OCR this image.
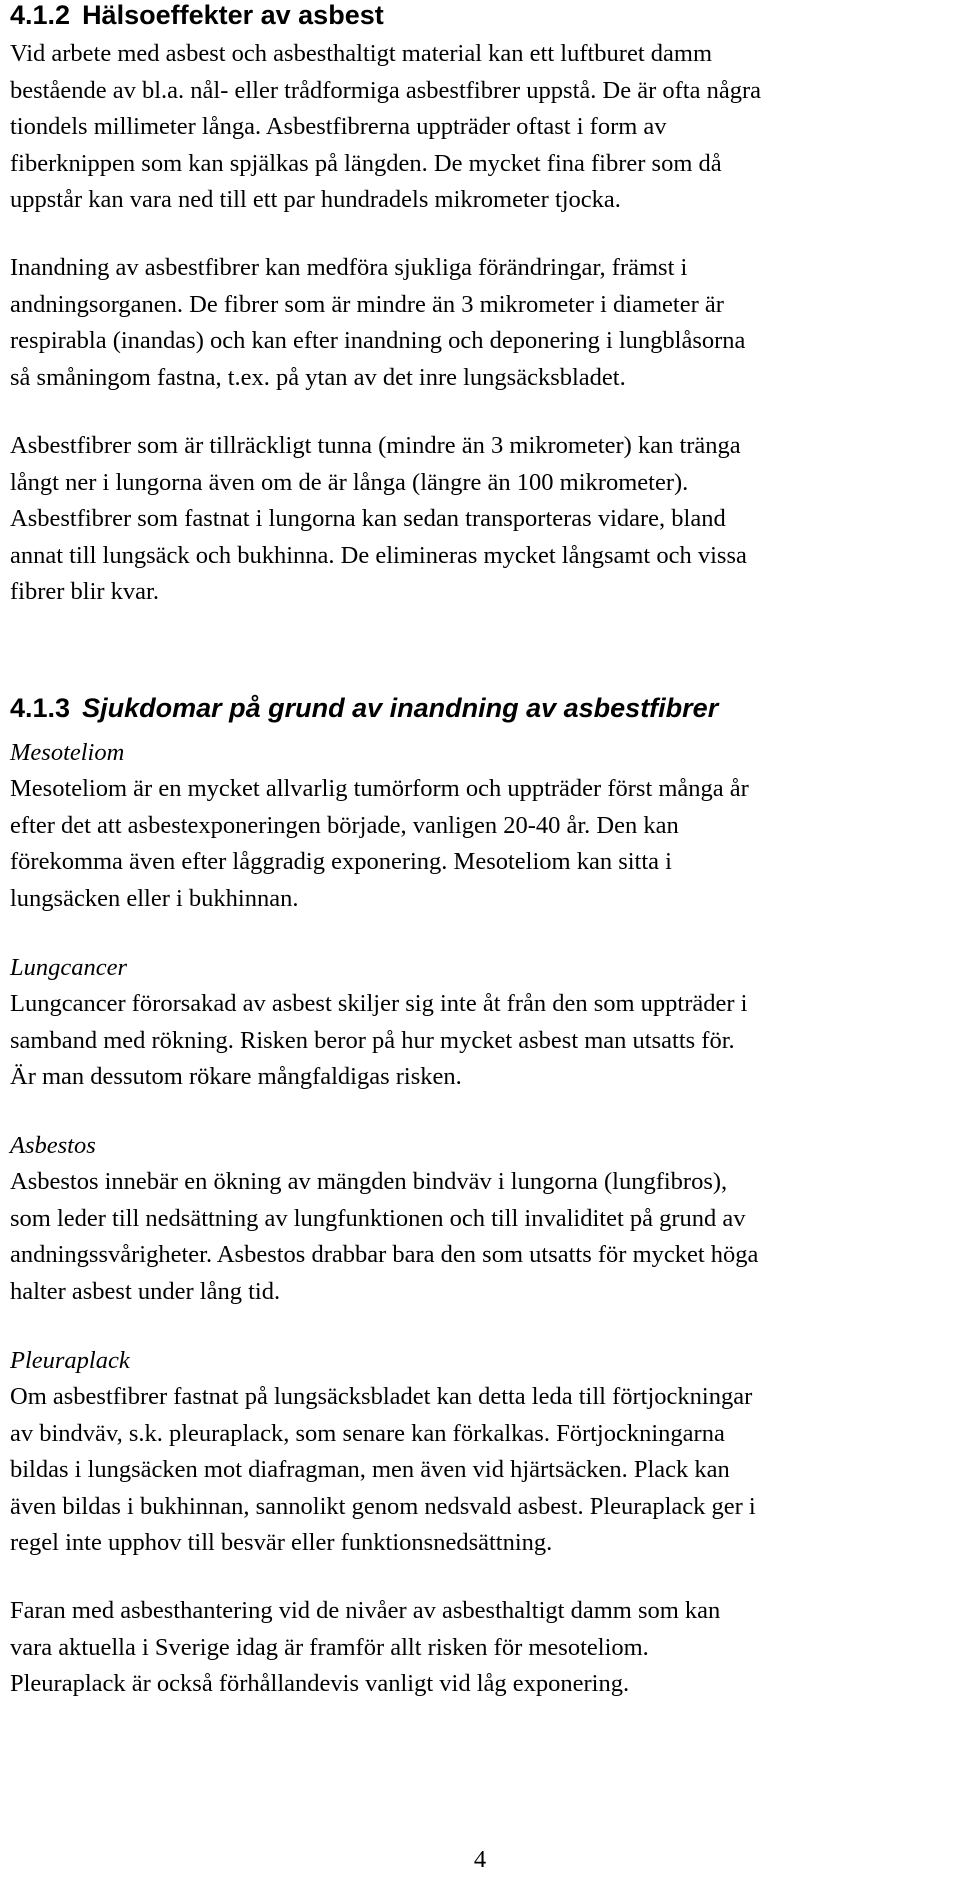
4.1.2 Hälsoeffekter av asbest

Vid arbete med asbest och asbesthaltigt material kan ett luftburet damm
bestående av bl.a. nål- eller trådformiga asbestfibrer uppstå. De är ofta några
tiondels millimeter långa. Asbestfibrerna uppträder oftast i form av
fiberknippen som kan spjälkas på längden. De mycket fina fibrer som då
uppstår kan vara ned till ett par hundradels mikrometer tjocka.

Inandning av asbestfibrer kan medföra sjukliga förändringar, främst i
andningsorganen. De fibrer som är mindre än 3 mikrometer i diameter är
respirabla (inandas) och kan efter inandning och deponering i lungblåsorna
så småningom fastna, t.ex. på ytan av det inre lungsäcksbladet.

Asbestfibrer som är tillräckligt tunna (mindre än 3 mikrometer) kan tränga
långt ner i lungorna även om de är långa (längre än 100 mikrometer).
Asbestfibrer som fastnat i lungorna kan sedan transporteras vidare, bland
annat till lungsäck och bukhinna. De elimineras mycket långsamt och vissa
fibrer blir kvar.

4.1.3 Sjukdomar på grund av inandning av asbestfibrer

Mesoteliom

Mesoteliom är en mycket allvarlig tumörform och uppträder först många år
efter det att asbestexponeringen började, vanligen 20-40 år. Den kan
förekomma även efter låggradig exponering. Mesoteliom kan sitta i
lungsäcken eller i bukhinnan.

Lungcancer

Lungcancer förorsakad av asbest skiljer sig inte åt från den som uppträder i
samband med rökning. Risken beror på hur mycket asbest man utsatts för.
Är man dessutom rökare mångfaldigas risken.

Asbestos

Asbestos innebär en ökning av mängden bindväv i lungorna (lungfibros),
som leder till nedsättning av lungfunktionen och till invaliditet på grund av
andningssvårigheter. Asbestos drabbar bara den som utsatts för mycket höga
halter asbest under lång tid.

Pleuraplack

Om asbestfibrer fastnat på lungsäcksbladet kan detta leda till förtjockningar
av bindväv, s.k. pleuraplack, som senare kan förkalkas. Förtjockningarna
bildas i lungsäcken mot diafragman, men även vid hjärtsäcken. Plack kan
även bildas i bukhinnan, sannolikt genom nedsvald asbest. Pleuraplack ger i
regel inte upphov till besvär eller funktionsnedsättning.

Faran med asbesthantering vid de nivåer av asbesthaltigt damm som kan
vara aktuella i Sverige idag är framför allt risken för mesoteliom.
Pleuraplack är också förhållandevis vanligt vid låg exponering.

4
